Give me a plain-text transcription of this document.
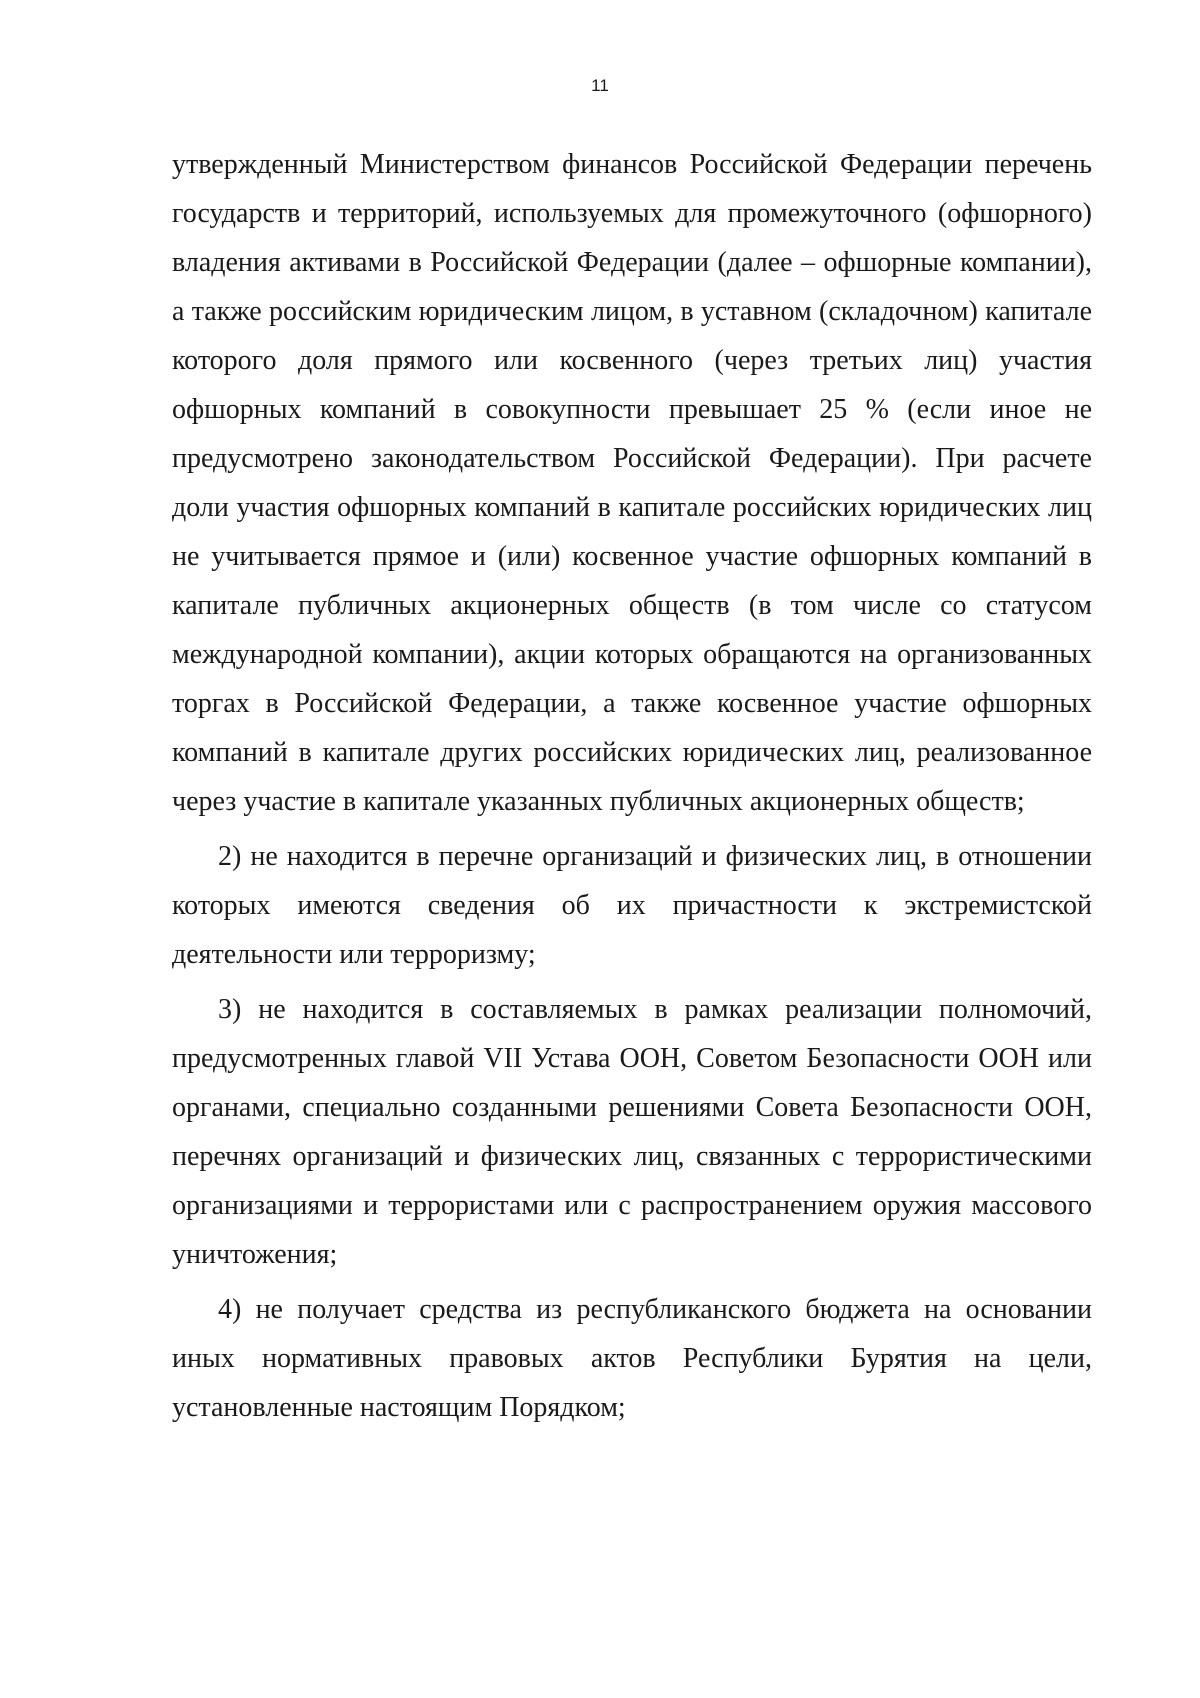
11

утвержденный Министерством финансов Российской Федерации перечень государств и территорий, используемых для промежуточного (офшорного) владения активами в Российской Федерации (далее – офшорные компании), а также российским юридическим лицом, в уставном (складочном) капитале которого доля прямого или косвенного (через третьих лиц) участия офшорных компаний в совокупности превышает 25 % (если иное не предусмотрено законодательством Российской Федерации). При расчете доли участия офшорных компаний в капитале российских юридических лиц не учитывается прямое и (или) косвенное участие офшорных компаний в капитале публичных акционерных обществ (в том числе со статусом международной компании), акции которых обращаются на организованных торгах в Российской Федерации, а также косвенное участие офшорных компаний в капитале других российских юридических лиц, реализованное через участие в капитале указанных публичных акционерных обществ;

2) не находится в перечне организаций и физических лиц, в отношении которых имеются сведения об их причастности к экстремистской деятельности или терроризму;

3) не находится в составляемых в рамках реализации полномочий, предусмотренных главой VII Устава ООН, Советом Безопасности ООН или органами, специально созданными решениями Совета Безопасности ООН, перечнях организаций и физических лиц, связанных с террористическими организациями и террористами или с распространением оружия массового уничтожения;

4) не получает средства из республиканского бюджета на основании иных нормативных правовых актов Республики Бурятия на цели, установленные настоящим Порядком;
